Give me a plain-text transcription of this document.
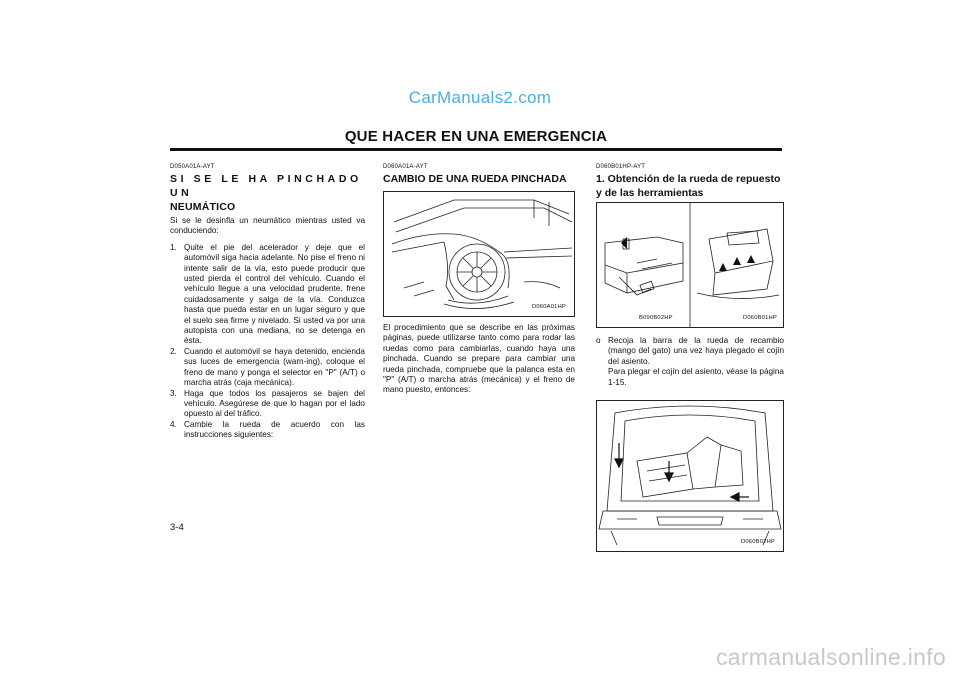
CarManuals2.com
QUE HACER EN UNA EMERGENCIA
D050A01A-AYT
SI SE LE HA PINCHADO UN
NEUMÁTICO

Si se le desinfla un neumático mientras usted va conduciendo:

1. Quite el pie del acelerador y deje que el automóvil siga hacia adelante. No pise el freno ni intente salir de la vía, esto puede producir que usted pierda el control del vehículo. Cuando el vehículo llegue a una velocidad prudente, frene cuidadosamente y salga de la vía. Conduzca hasta que pueda estar en un lugar seguro y que el suelo sea firme y nivelado. Si usted va por una autopista con una mediana, no se detenga en ésta.
2. Cuando el automóvil se haya detenido, encienda sus luces de emergencia (warn-ing), coloque el freno de mano y ponga el selector en "P" (A/T) o marcha atrás (caja mecánica).
3. Haga que todos los pasajeros se bajen del vehículo. Asegúrese de que lo hagan por el lado opuesto al del tráfico.
4. Cambie la rueda de acuerdo con las instrucciones siguientes:
D060A01A-AYT
CAMBIO DE UNA RUEDA PINCHADA
D060A01HP

El procedimiento que se describe en las próximas páginas, puede utilizarse tanto como para rodar las ruedas como para cambiarlas, cuando haya una pinchada. Cuando se prepare para cambiar una rueda pinchada, compruebe que la palanca esta en "P" (A/T) o marcha atrás (mecánica) y el freno de mano puesto, entonces:

D060B01HP-AYT
1. Obtención de la rueda de repuesto y de las herramientas
B090B02HP	D060B01HP
o Recoja la barra de la rueda de recambio (mango del gato) una vez haya plegado el cojín del asiento.
Para plegar el cojín del asiento, véase la página 1-15.
D060B02HP
3-4
carmanualsonline.info
